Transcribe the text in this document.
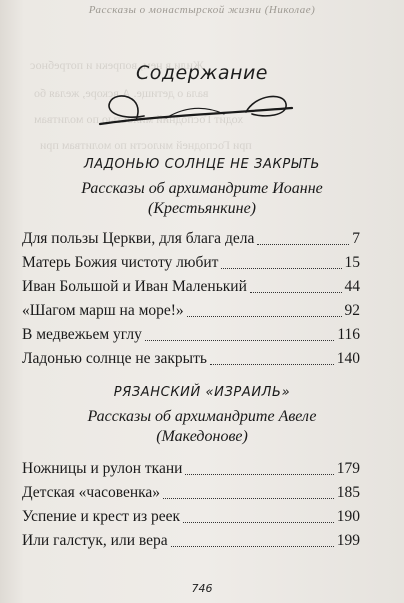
Жили в нем, вопреки и потребнос
вала о детище. А вскоре, желая бо
ходит Господний милостью по молитвам
при Господней милости по молитвам при
Рассказы о монастырской жизни (Николае)
Содержание
ЛАДОНЬЮ СОЛНЦЕ НЕ ЗАКРЫТЬ
Рассказы об архимандрите Иоанне
(Крестьянкине)
Для пользы Церкви, для блага дела	7
Матерь Божия чистоту любит	15
Иван Большой и Иван Маленький	44
«Шагом марш на море!»	92
В медвежьем углу	116
Ладонью солнце не закрыть	140
РЯЗАНСКИЙ «ИЗРАИЛЬ»
Рассказы об архимандрите Авеле
(Македонове)
Ножницы и рулон ткани	179
Детская «часовенка»	185
Успение и крест из реек	190
Или галстук, или вера	199
746
